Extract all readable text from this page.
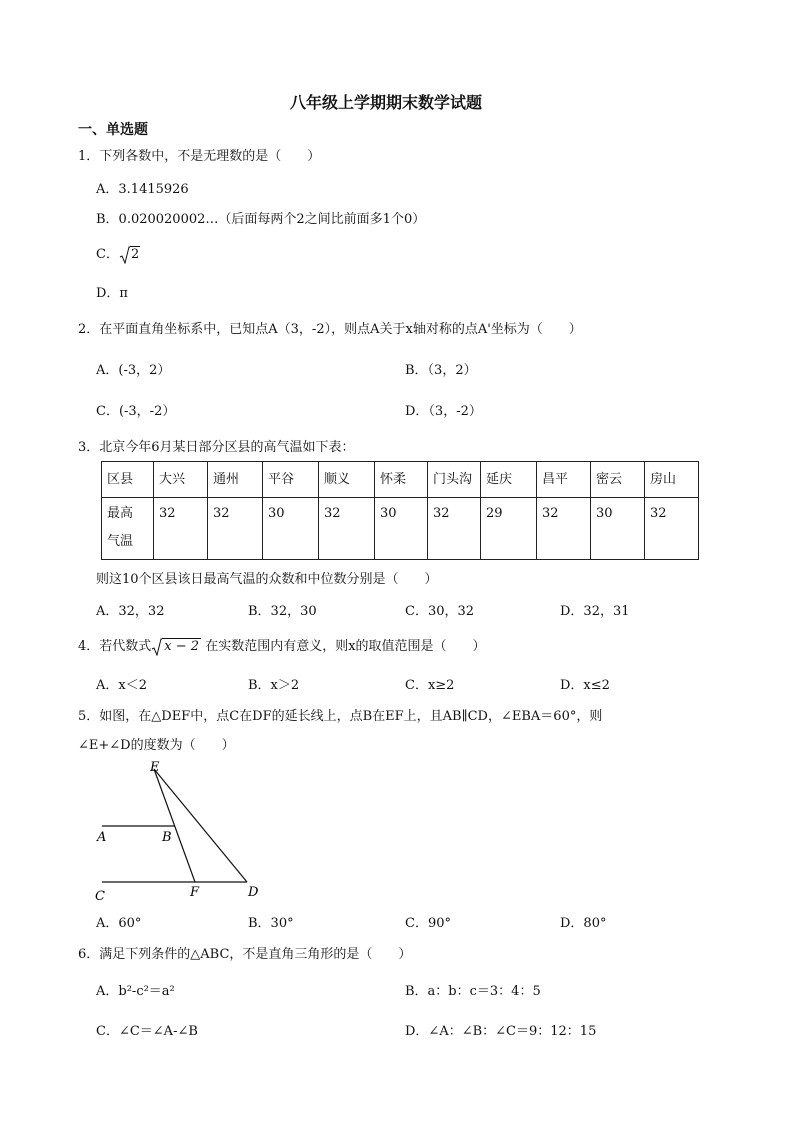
八年级上学期期末数学试题
一、单选题
1．下列各数中，不是无理数的是（　　）
A．3.1415926
B．0.020020002…（后面每两个2之间比前面多1个0）
C． 2
D．π
2．在平面直角坐标系中，已知点A（3，-2），则点A关于x轴对称的点A'坐标为（　　）
A．(-3，2）	B．（3，2）
C．(-3，-2）	D．（3，-2）
3．北京今年6月某日部分区县的高气温如下表：
区县	大兴	通州	平谷	顺义	怀柔	门头沟	延庆	昌平	密云	房山
最高
气温	32	32	30	32	30	32	29	32	30	32
则这10个区县该日最高气温的众数和中位数分别是（　　）
A．32，32	B．32，30	C．30，32	D．32，31
4．若代数式 x − 2 在实数范围内有意义，则x的取值范围是（　　）
A．x＜2	B．x＞2	C．x≥2	D．x≤2
5．如图，在△DEF中，点C在DF的延长线上，点B在EF上，且AB∥CD，∠EBA＝60°，则
∠E+∠D的度数为（　　）
E
A	B
C	F	D
A．60°	B．30°	C．90°	D．80°
6．满足下列条件的△ABC，不是直角三角形的是（　　）
A．b²-c²＝a²	B．a：b：c＝3：4：5
C．∠C＝∠A-∠B	D．∠A：∠B：∠C＝9：12：15
